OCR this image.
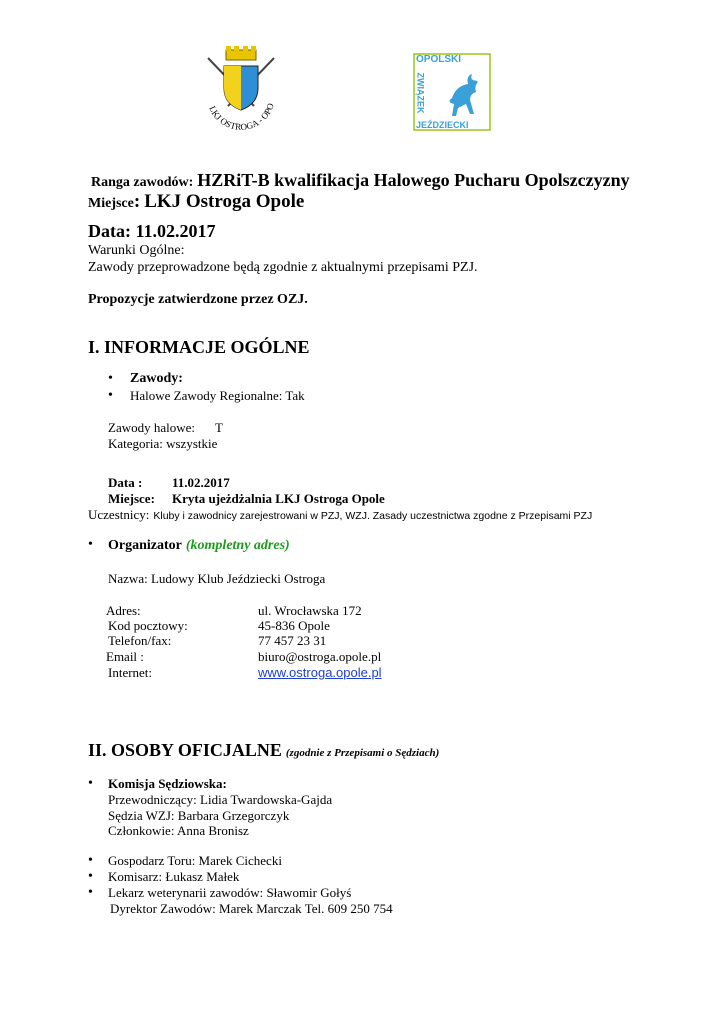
LKJ OSTROGA - OPO
OPOLSKI
ZWIĄZEK
JEŹDZIECKI
Ranga zawodów: HZRiT-B kwalifikacja Halowego Pucharu Opolszczyzny
Miejsce: LKJ Ostroga Opole
Data: 11.02.2017
Warunki Ogólne:
Zawody przeprowadzone będą zgodnie z aktualnymi przepisami PZJ.
Propozycje zatwierdzone przez OZJ.
I. INFORMACJE OGÓLNE
• Zawody:
• Halowe Zawody Regionalne: Tak
Zawody halowe: T
Kategoria: wszystkie
Data : 11.02.2017
Miejsce: Kryta ujeżdżalnia LKJ Ostroga Opole
Uczestnicy: Kluby i zawodnicy zarejestrowani w PZJ, WZJ. Zasady uczestnictwa zgodne z Przepisami PZJ
• Organizator (kompletny adres)
Nazwa: Ludowy Klub Jeździecki Ostroga
Adres:	ul. Wrocławska 172
Kod pocztowy:	45-836 Opole
Telefon/fax:	77 457 23 31
Email :	biuro@ostroga.opole.pl
Internet:	www.ostroga.opole.pl
II. OSOBY OFICJALNE (zgodnie z Przepisami o Sędziach)
• Komisja Sędziowska:
Przewodniczący: Lidia Twardowska-Gajda
Sędzia WZJ: Barbara Grzegorczyk
Członkowie: Anna Bronisz
• Gospodarz Toru: Marek Cichecki
• Komisarz: Łukasz Małek
• Lekarz weterynarii zawodów: Sławomir Gołyś
Dyrektor Zawodów: Marek Marczak Tel. 609 250 754
